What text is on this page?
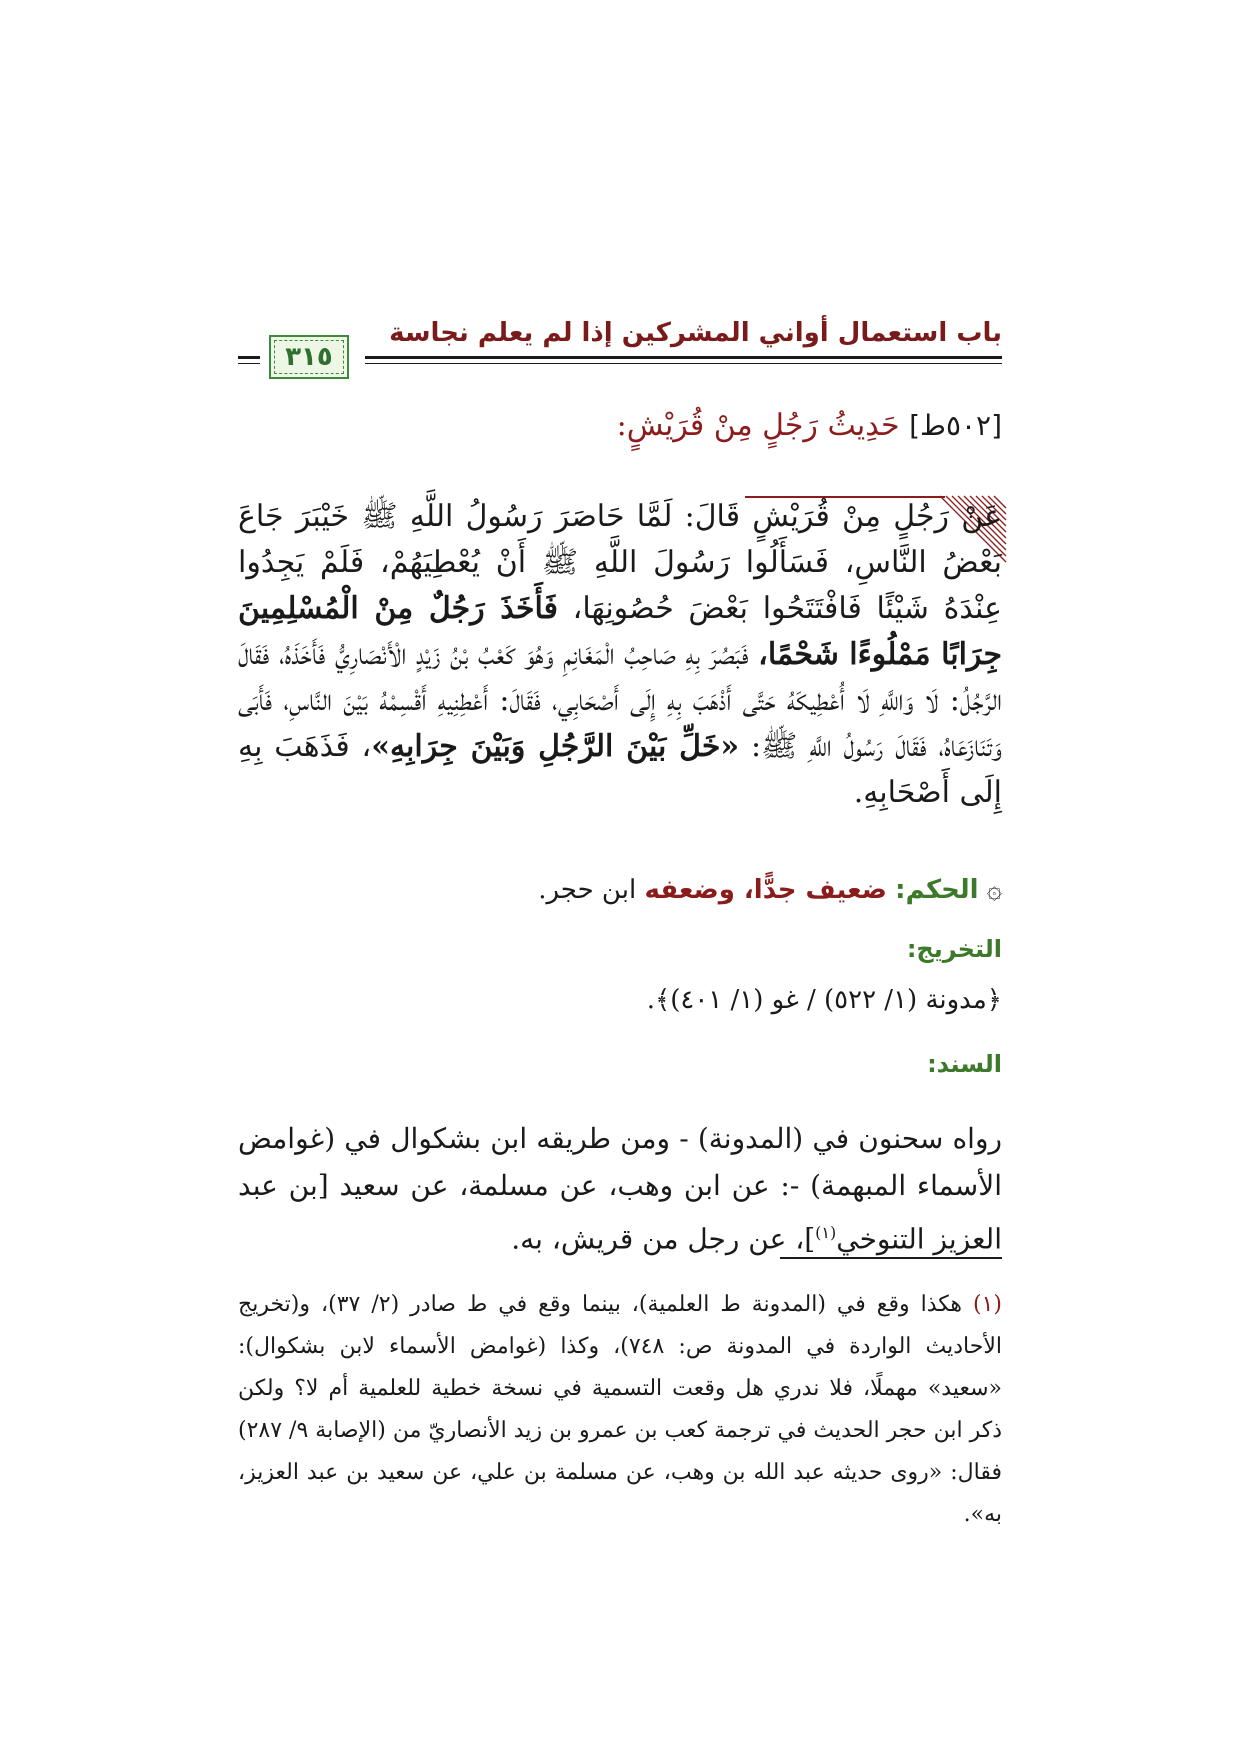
باب استعمال أواني المشركين إذا لم يعلم نجاسة
٣١٥
[٥٠٢ط] حَدِيثُ رَجُلٍ مِنْ قُرَيْشٍ:

عَنْ رَجُلٍ مِنْ قُرَيْشٍ قَالَ: لَمَّا حَاصَرَ رَسُولُ اللَّهِ ﷺ خَيْبَرَ جَاعَ بَعْضُ النَّاسِ، فَسَأَلُوا رَسُولَ اللَّهِ ﷺ أَنْ يُعْطِيَهُمْ، فَلَمْ يَجِدُوا عِنْدَهُ شَيْئًا فَافْتَتَحُوا بَعْضَ حُصُونِهَا، فَأَخَذَ رَجُلٌ مِنْ الْمُسْلِمِينَ جِرَابًا مَمْلُوءًا شَحْمًا، فَبَصُرَ بِهِ صَاحِبُ الْمَغَانِمِ وَهُوَ كَعْبُ بْنُ زَيْدٍ الْأَنْصَارِيُّ فَأَخَذَهُ، فَقَالَ الرَّجُلُ: لَا وَاللَّهِ لَا أُعْطِيكَهُ حَتَّى أَذْهَبَ بِهِ إِلَى أَصْحَابِي، فَقَالَ: أَعْطِنِيهِ أَقْسِمْهُ بَيْنَ النَّاسِ، فَأَبَى وَتَنَازَعَاهُ، فَقَالَ رَسُولُ اللَّهِ ﷺ: «خَلِّ بَيْنَ الرَّجُلِ وَبَيْنَ جِرَابِهِ»، فَذَهَبَ بِهِ إِلَى أَصْحَابِهِ.

۞ الحكم: ضعيف جدًّا، وضعفه ابن حجر.
التخريج:
﴿مدونة (١/ ٥٢٢) / غو (١/ ٤٠١)﴾.
السند:
رواه سحنون في (المدونة) - ومن طريقه ابن بشكوال في (غوامض الأسماء المبهمة) -: عن ابن وهب، عن مسلمة، عن سعيد [بن عبد العزيز التنوخي$^{(١)}$]، عن رجل من قريش، به.
(١) هكذا وقع في (المدونة ط العلمية)، بينما وقع في ط صادر (٢/ ٣٧)، و(تخريج الأحاديث الواردة في المدونة ص: ٧٤٨)، وكذا (غوامض الأسماء لابن بشكوال): «سعيد» مهملًا، فلا ندري هل وقعت التسمية في نسخة خطية للعلمية أم لا؟ ولكن ذكر ابن حجر الحديث في ترجمة كعب بن عمرو بن زيد الأنصاريّ من (الإصابة ٩/ ٢٨٧) فقال: «روى حديثه عبد الله بن وهب، عن مسلمة بن علي، عن سعيد بن عبد العزيز، به».
